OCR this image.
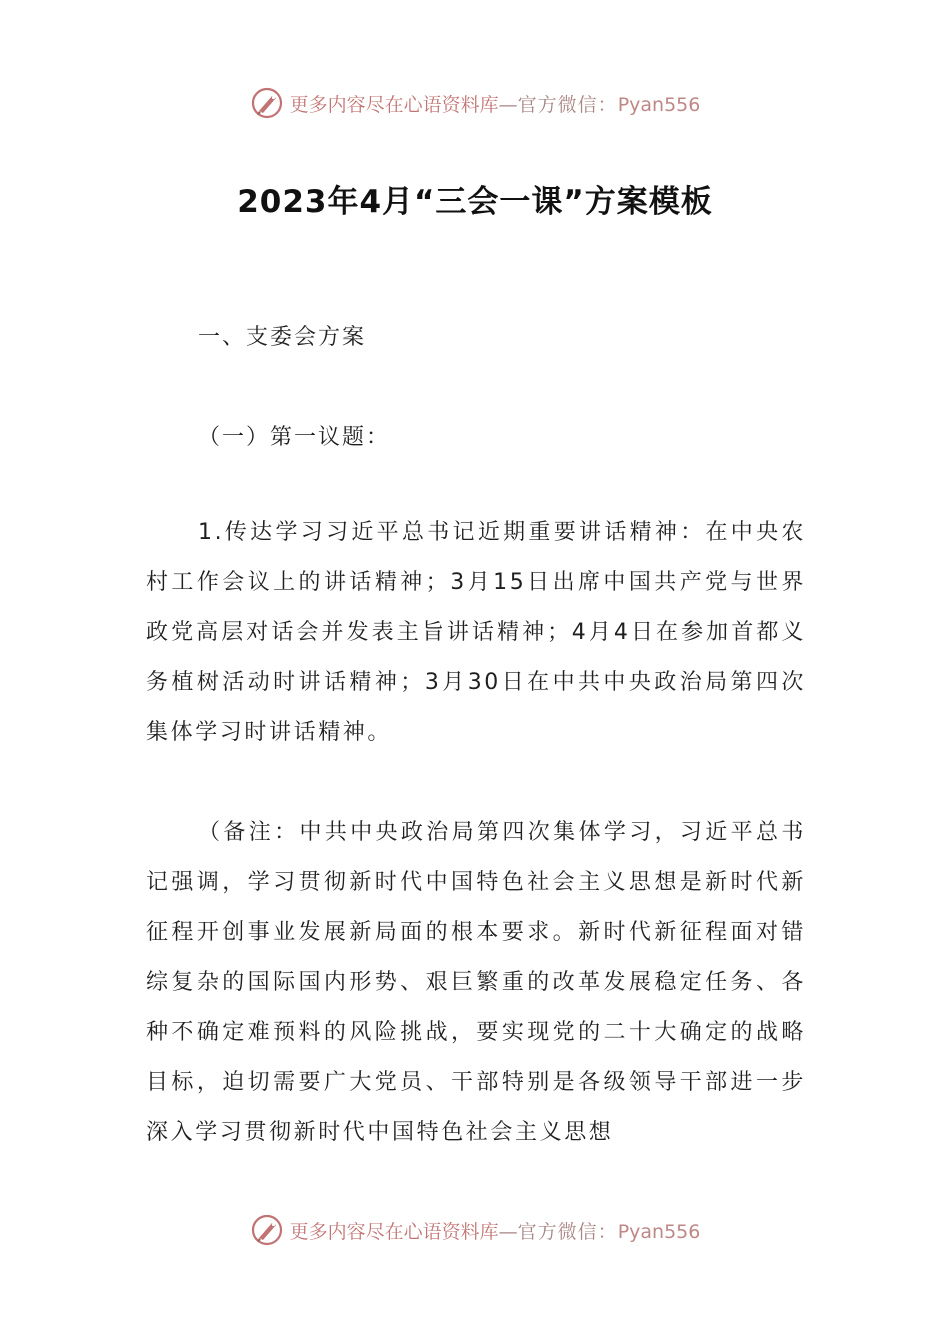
更多内容尽在心语资料库—官方微信：Pyan556
2023年4月“三会一课”方案模板
一、支委会方案
（一）第一议题：

1.传达学习习近平总书记近期重要讲话精神：在中央农村工作会议上的讲话精神；3月15日出席中国共产党与世界政党高层对话会并发表主旨讲话精神；4月4日在参加首都义务植树活动时讲话精神；3月30日在中共中央政治局第四次集体学习时讲话精神。

（备注：中共中央政治局第四次集体学习，习近平总书记强调，学习贯彻新时代中国特色社会主义思想是新时代新征程开创事业发展新局面的根本要求。新时代新征程面对错综复杂的国际国内形势、艰巨繁重的改革发展稳定任务、各种不确定难预料的风险挑战，要实现党的二十大确定的战略目标，迫切需要广大党员、干部特别是各级领导干部进一步深入学习贯彻新时代中国特色社会主义思想

更多内容尽在心语资料库—官方微信：Pyan556
